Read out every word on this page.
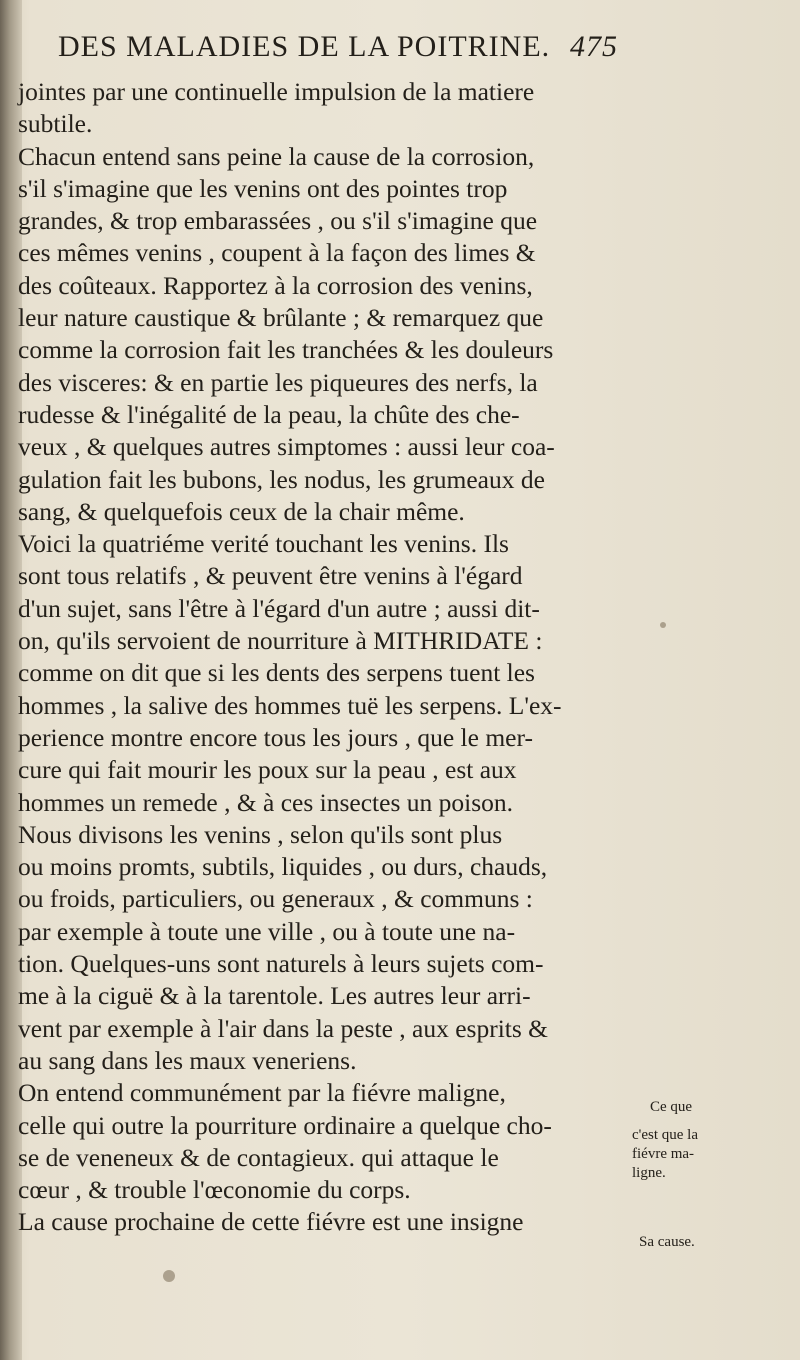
DES MALADIES DE LA POITRINE. 475
jointes par une continuelle impulsion de la matiere
subtile.
Chacun entend sans peine la cause de la corrosion,
s'il s'imagine que les venins ont des pointes trop
grandes, & trop embarassées , ou s'il s'imagine que
ces mêmes venins , coupent à la façon des limes &
des coûteaux. Rapportez à la corrosion des venins,
leur nature caustique & brûlante ; & remarquez que
comme la corrosion fait les tranchées & les douleurs
des visceres: & en partie les piqueures des nerfs, la
rudesse & l'inégalité de la peau, la chûte des che-
veux , & quelques autres simptomes : aussi leur coa-
gulation fait les bubons, les nodus, les grumeaux de
sang, & quelquefois ceux de la chair même.
Voici la quatriéme verité touchant les venins. Ils
sont tous relatifs , & peuvent être venins à l'égard
d'un sujet, sans l'être à l'égard d'un autre ; aussi dit-
on, qu'ils servoient de nourriture à MITHRIDATE :
comme on dit que si les dents des serpens tuent les
hommes , la salive des hommes tuë les serpens. L'ex-
perience montre encore tous les jours , que le mer-
cure qui fait mourir les poux sur la peau , est aux
hommes un remede , & à ces insectes un poison.
Nous divisons les venins , selon qu'ils sont plus
ou moins promts, subtils, liquides , ou durs, chauds,
ou froids, particuliers, ou generaux , & communs :
par exemple à toute une ville , ou à toute une na-
tion. Quelques-uns sont naturels à leurs sujets com-
me à la ciguë & à la tarentole. Les autres leur arri-
vent par exemple à l'air dans la peste , aux esprits &
au sang dans les maux veneriens.
On entend communément par la fiévre maligne,
celle qui outre la pourriture ordinaire a quelque cho-
se de veneneux & de contagieux. qui attaque le
cœur , & trouble l'œconomie du corps.
La cause prochaine de cette fiévre est une insigne
Ce que
c'est que la
fiévre ma-
ligne.
Sa cause.
